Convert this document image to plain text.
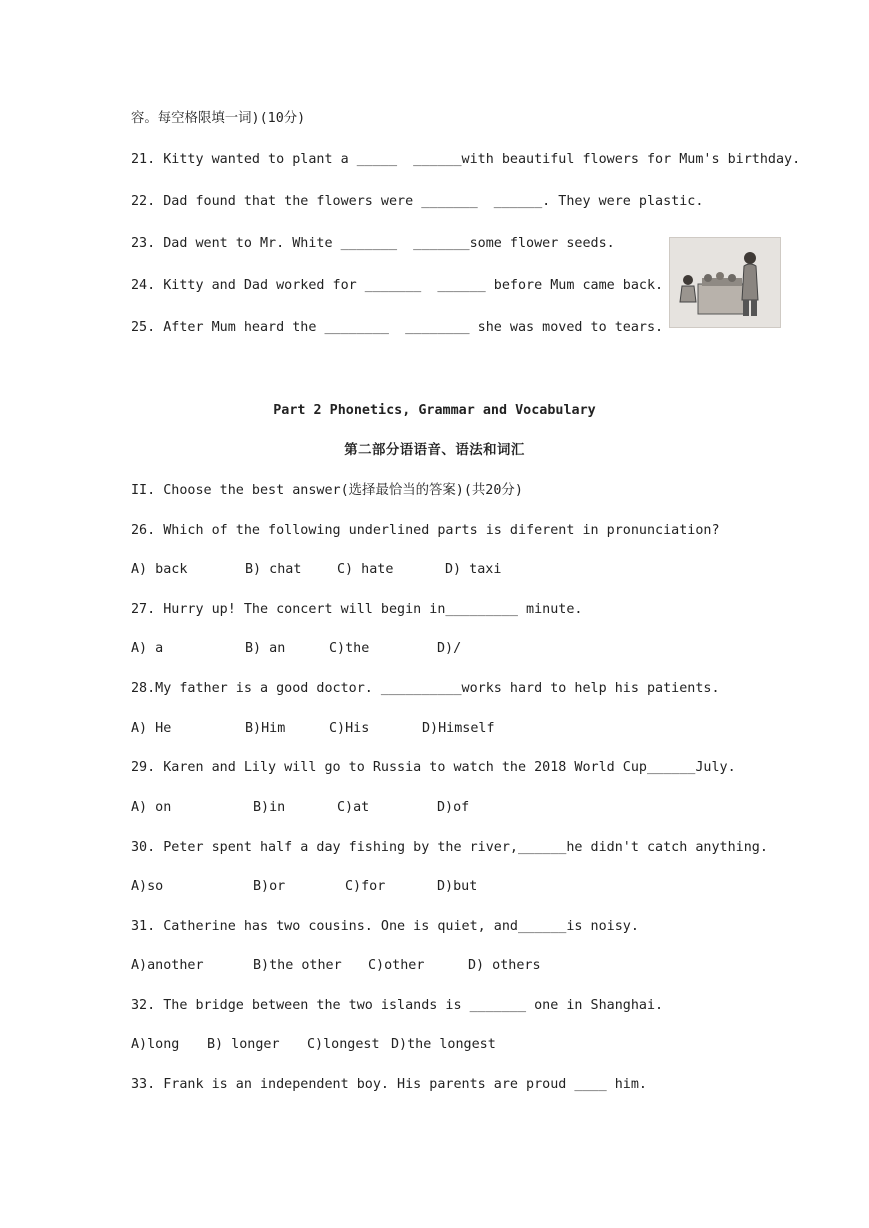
容。每空格限填一词)(10分)
21. Kitty wanted to plant a _____  ______with beautiful flowers for Mum's birthday.
22. Dad found that the flowers were _______  ______. They were plastic.
23. Dad went to Mr. White _______  _______some flower seeds.
24. Kitty and Dad worked for _______  ______ before Mum came back.
25. After Mum heard the ________  ________ she was moved to tears.
Part 2 Phonetics, Grammar and Vocabulary
第二部分语语音、语法和词汇
II. Choose the best answer(选择最恰当的答案)(共20分)
26. Which of the following underlined parts is diferent in pronunciation?
A) back	B) chat	C) hate	D) taxi
27. Hurry up! The concert will begin in_________ minute.
A) a	B) an	C)the	D)/
28.My father is a good doctor. __________works hard to help his patients.
A) He	B)Him	C)His	D)Himself
29. Karen and Lily will go to Russia to watch the 2018 World Cup______July.
A) on	B)in	C)at	D)of
30. Peter spent half a day fishing by the river,______he didn't catch anything.
A)so	B)or	C)for	D)but
31. Catherine has two cousins. One is quiet, and______is noisy.
A)another	B)the other C)other	D) others
32. The bridge between the two islands is _______ one in Shanghai.
A)long B) longer C)longest D)the longest
33. Frank is an independent boy. His parents are proud ____ him.
